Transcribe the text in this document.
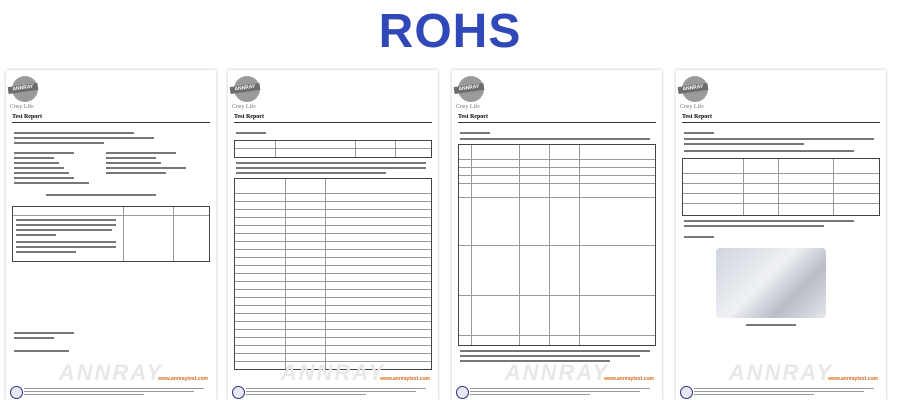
ROHS
ANNRAY
Cnsy Life
Test Report
ANNRAY
www.annraytest.com
ANNRAY
Cnsy Life
Test Report
ANNRAY
www.annraytest.com
ANNRAY
Cnsy Life
Test Report
ANNRAY
www.annraytest.com
ANNRAY
Cnsy Life
Test Report
ANNRAY
www.annraytest.com
